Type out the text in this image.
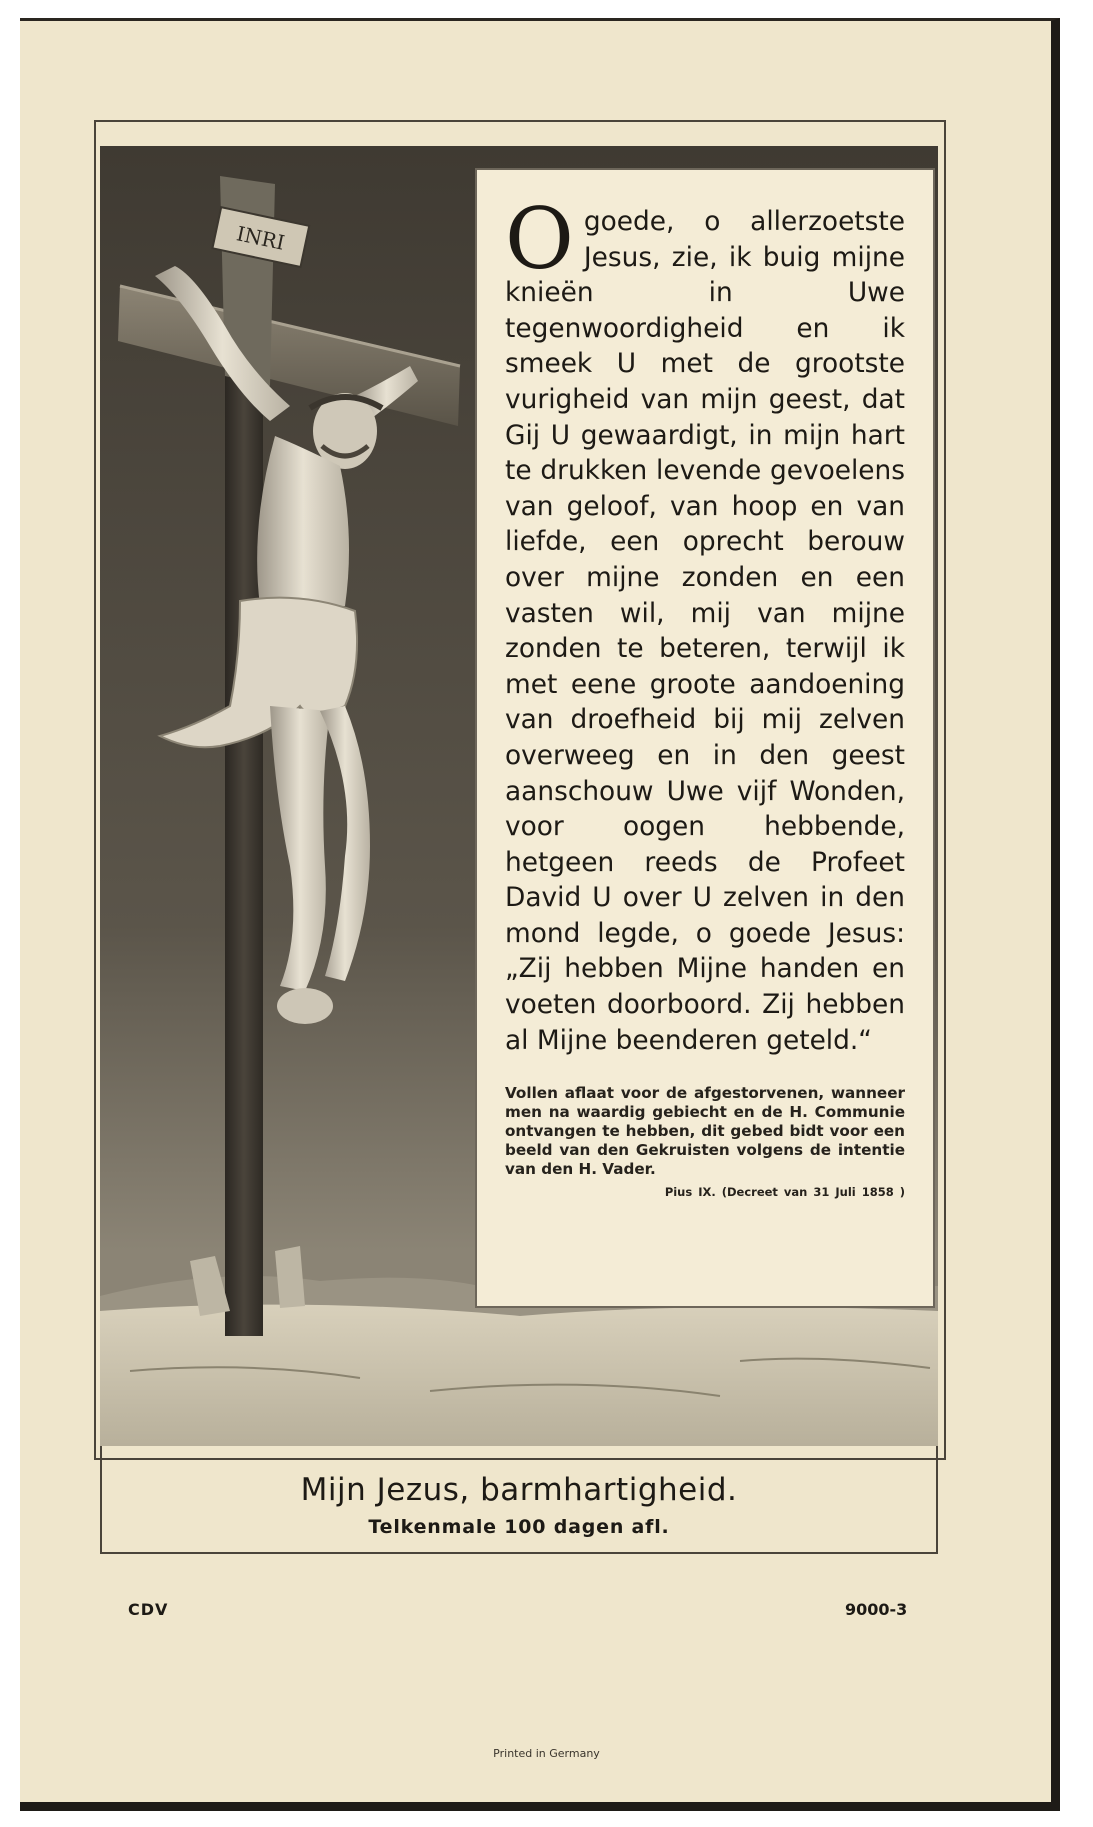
INRI	O goede, o allerzoetste Jesus, zie, ik buig mijne knieën in Uwe tegenwoordigheid en ik smeek U met de grootste vurigheid van mijn geest, dat Gij U gewaardigt, in mijn hart te drukken levende gevoelens van geloof, van hoop en van liefde, een oprecht berouw over mijne zonden en een vasten wil, mij van mijne zonden te beteren, terwijl ik met eene groote aandoening van droefheid bij mij zelven overweeg en in den geest aanschouw Uwe vijf Wonden, voor oogen hebbende, hetgeen reeds de Profeet David U over U zelven in den mond legde, o goede Jesus: „Zij hebben Mijne handen en voeten doorboord. Zij hebben al Mijne beenderen geteld.“

Vollen aflaat voor de afgestorvenen, wanneer men na waardig gebiecht en de H. Communie ontvangen te hebben, dit gebed bidt voor een beeld van den Gekruisten volgens de intentie van den H. Vader.
Pius IX. (Decreet van 31 Juli 1858 )
Mijn Jezus, barmhartigheid.
Telkenmale 100 dagen afl.
CDV	9000-3
Printed in Germany
